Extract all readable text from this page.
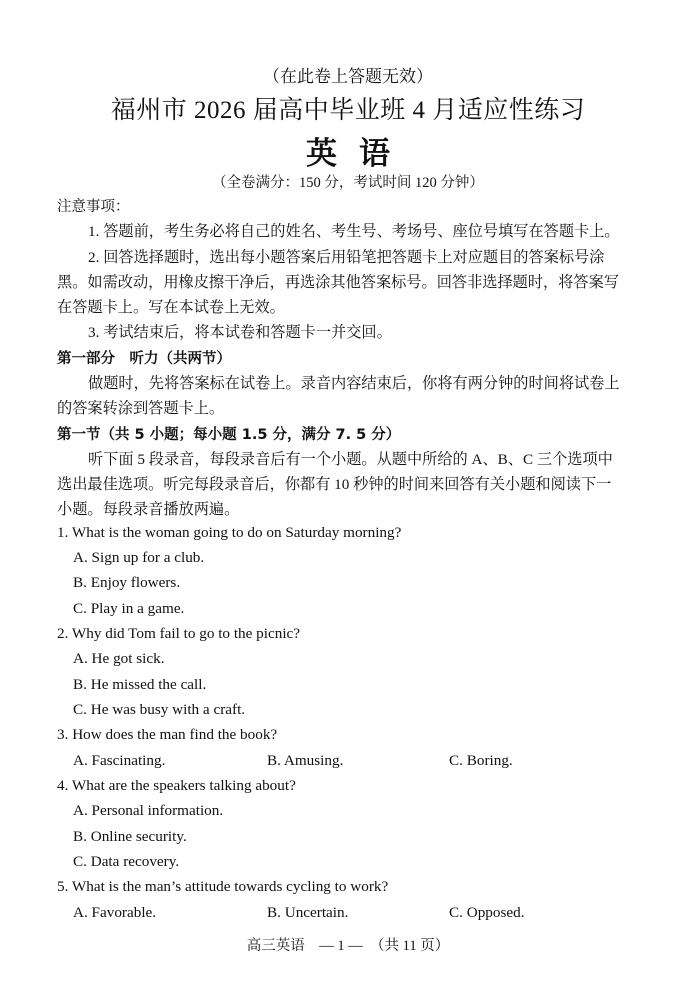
（在此卷上答题无效）
福州市 2026 届高中毕业班 4 月适应性练习
英语
（全卷满分：150 分，考试时间 120 分钟）
注意事项：
1. 答题前，考生务必将自己的姓名、考生号、考场号、座位号填写在答题卡上。
2. 回答选择题时，选出每小题答案后用铅笔把答题卡上对应题目的答案标号涂
黑。如需改动，用橡皮擦干净后，再选涂其他答案标号。回答非选择题时，将答案写
在答题卡上。写在本试卷上无效。
3. 考试结束后，将本试卷和答题卡一并交回。
第一部分　听力（共两节）
做题时，先将答案标在试卷上。录音内容结束后，你将有两分钟的时间将试卷上
的答案转涂到答题卡上。
第一节（共 5 小题；每小题 1.5 分，满分 7. 5 分）
听下面 5 段录音，每段录音后有一个小题。从题中所给的 A、B、C 三个选项中
选出最佳选项。听完每段录音后，你都有 10 秒钟的时间来回答有关小题和阅读下一
小题。每段录音播放两遍。
1. What is the woman going to do on Saturday morning?
A. Sign up for a club.
B. Enjoy flowers.
C. Play in a game.
2. Why did Tom fail to go to the picnic?
A. He got sick.
B. He missed the call.
C. He was busy with a craft.
3. How does the man find the book?
A. Fascinating.	B. Amusing.	C. Boring.
4. What are the speakers talking about?
A. Personal information.
B. Online security.
C. Data recovery.
5. What is the man’s attitude towards cycling to work?
A. Favorable.	B. Uncertain.	C. Opposed.
高三英语　— 1 —　（共 11 页）
